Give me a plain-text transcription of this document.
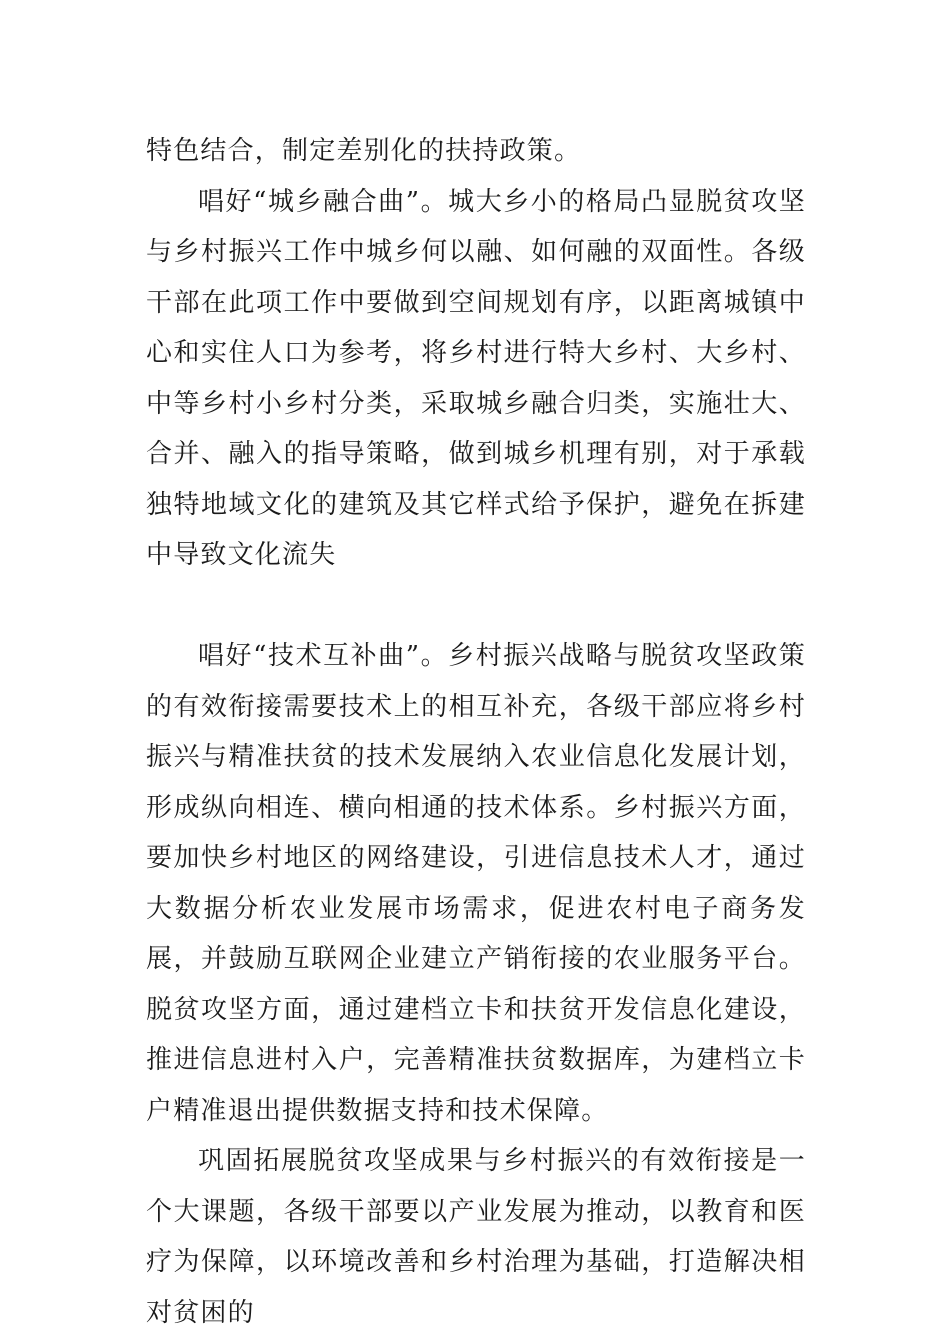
特色结合，制定差别化的扶持政策。

唱好“城乡融合曲”。城大乡小的格局凸显脱贫攻坚与乡村振兴工作中城乡何以融、如何融的双面性。各级干部在此项工作中要做到空间规划有序，以距离城镇中心和实住人口为参考，将乡村进行特大乡村、大乡村、中等乡村小乡村分类，采取城乡融合归类，实施壮大、合并、融入的指导策略，做到城乡机理有别，对于承载独特地域文化的建筑及其它样式给予保护，避免在拆建中导致文化流失

唱好“技术互补曲”。乡村振兴战略与脱贫攻坚政策的有效衔接需要技术上的相互补充，各级干部应将乡村振兴与精准扶贫的技术发展纳入农业信息化发展计划，形成纵向相连、横向相通的技术体系。乡村振兴方面，要加快乡村地区的网络建设，引进信息技术人才，通过大数据分析农业发展市场需求，促进农村电子商务发展，并鼓励互联网企业建立产销衔接的农业服务平台。脱贫攻坚方面，通过建档立卡和扶贫开发信息化建设，推进信息进村入户，完善精准扶贫数据库，为建档立卡户精准退出提供数据支持和技术保障。

巩固拓展脱贫攻坚成果与乡村振兴的有效衔接是一个大课题，各级干部要以产业发展为推动，以教育和医疗为保障，以环境改善和乡村治理为基础，打造解决相对贫困的
